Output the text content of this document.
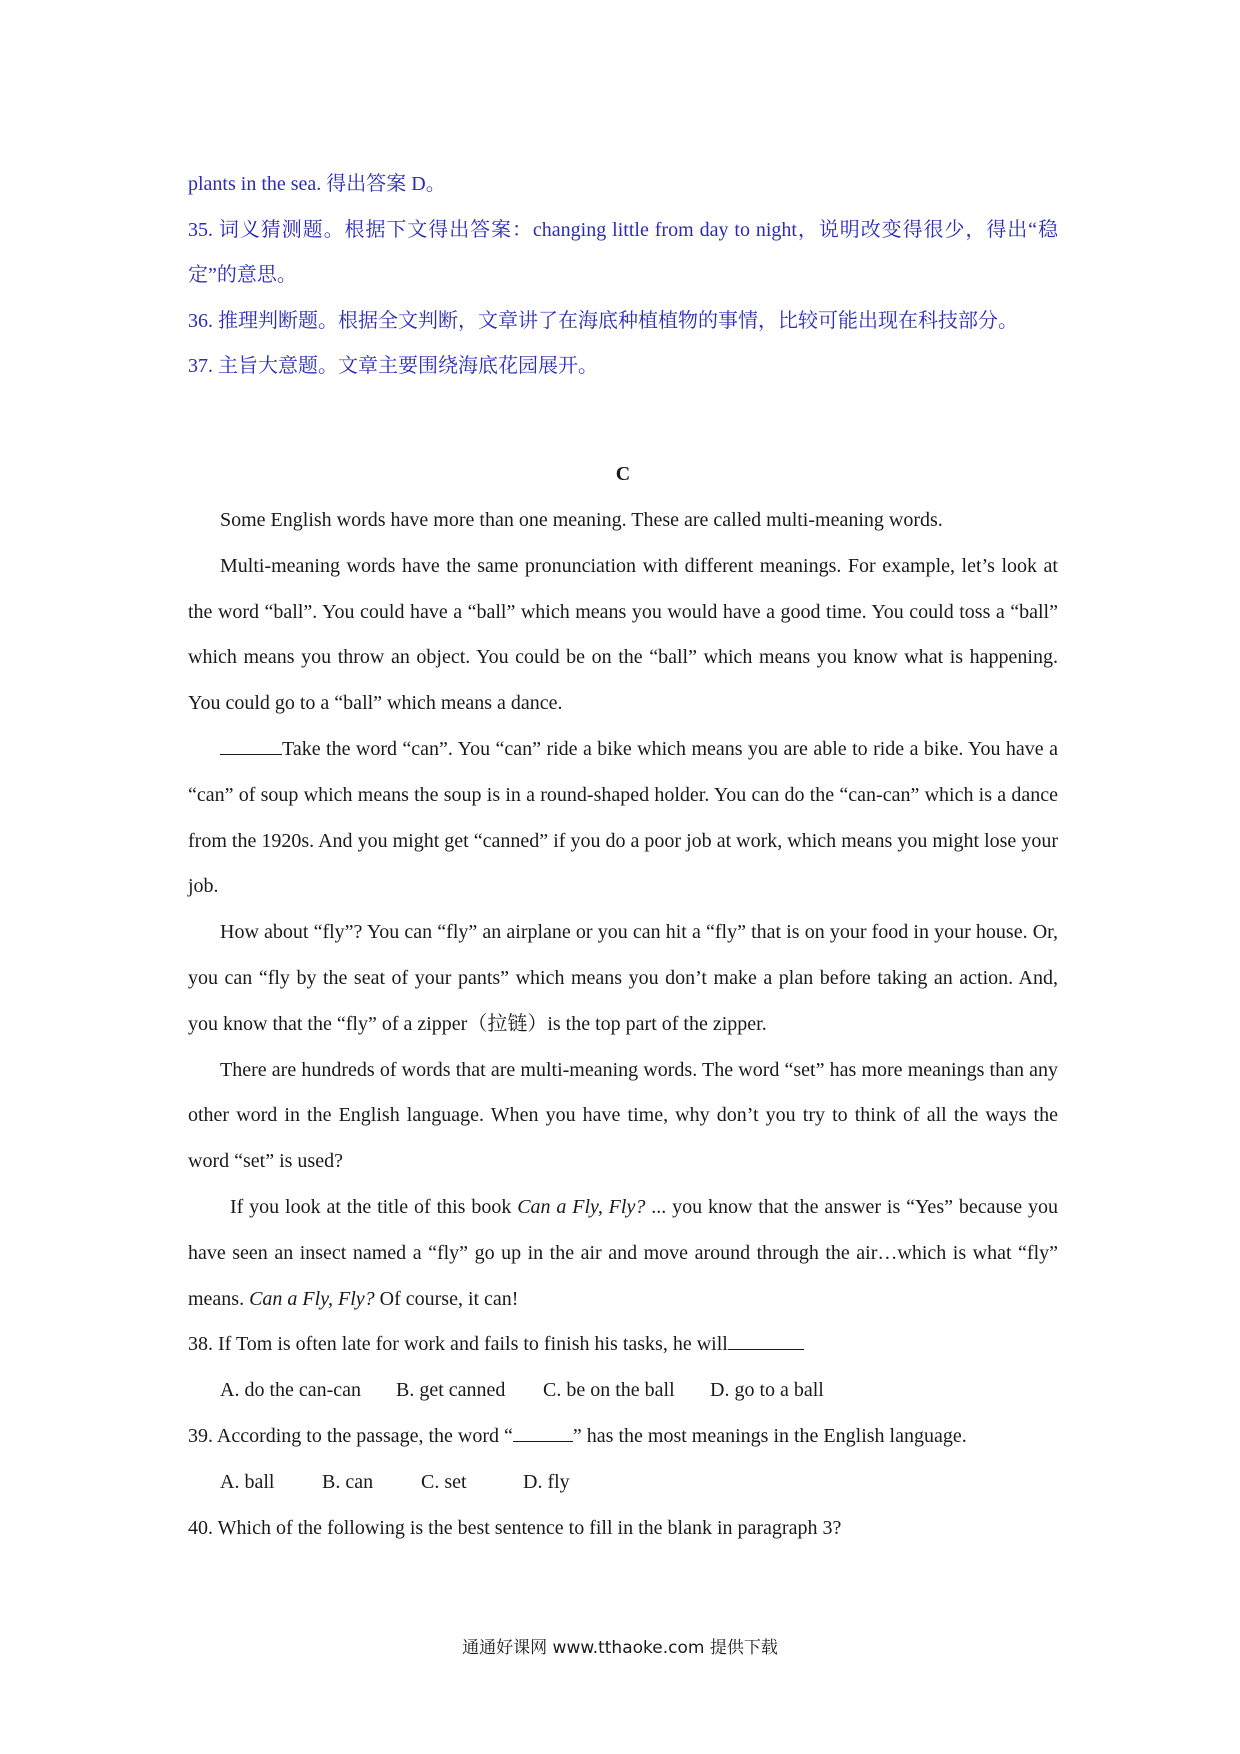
plants in the sea. 得出答案 D。

35. 词义猜测题。根据下文得出答案：changing little from day to night，说明改变得很少，得出“稳定”的意思。

36. 推理判断题。根据全文判断，文章讲了在海底种植植物的事情，比较可能出现在科技部分。

37. 主旨大意题。文章主要围绕海底花园展开。

C

Some English words have more than one meaning. These are called multi-meaning words.

Multi-meaning words have the same pronunciation with different meanings. For example, let’s look at the word “ball”. You could have a “ball” which means you would have a good time. You could toss a “ball” which means you throw an object. You could be on the “ball” which means you know what is happening. You could go to a “ball” which means a dance.

Take the word “can”. You “can” ride a bike which means you are able to ride a bike. You have a “can” of soup which means the soup is in a round-shaped holder. You can do the “can-can” which is a dance from the 1920s. And you might get “canned” if you do a poor job at work, which means you might lose your job.

How about “fly”? You can “fly” an airplane or you can hit a “fly” that is on your food in your house. Or, you can “fly by the seat of your pants” which means you don’t make a plan before taking an action. And, you know that the “fly” of a zipper（拉链）is the top part of the zipper.

There are hundreds of words that are multi-meaning words. The word “set” has more meanings than any other word in the English language. When you have time, why don’t you try to think of all the ways the word “set” is used?

If you look at the title of this book Can a Fly, Fly? ... you know that the answer is “Yes” because you have seen an insect named a “fly” go up in the air and move around through the air…which is what “fly” means. Can a Fly, Fly? Of course, it can!

38. If Tom is often late for work and fails to finish his tasks, he will

A. do the can-can B. get canned C. be on the ball D. go to a ball

39. According to the passage, the word “	” has the most meanings in the English language.

A. ball B. can C. set	D. fly

40. Which of the following is the best sentence to fill in the blank in paragraph 3?

通通好课网 www.tthaoke.com 提供下载
